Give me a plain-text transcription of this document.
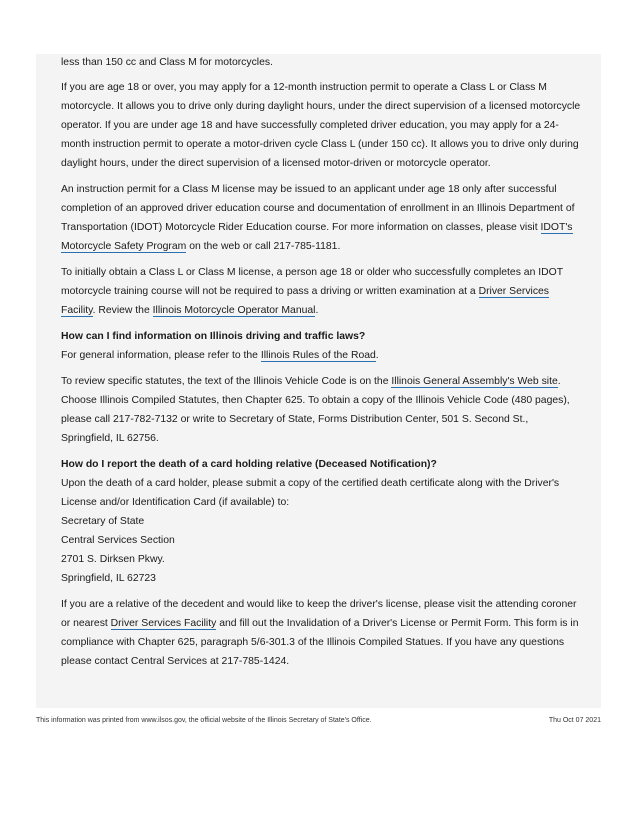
less than 150 cc and Class M for motorcycles.

If you are age 18 or over, you may apply for a 12-month instruction permit to operate a Class L or Class M motorcycle. It allows you to drive only during daylight hours, under the direct supervision of a licensed motorcycle operator. If you are under age 18 and have successfully completed driver education, you may apply for a 24-month instruction permit to operate a motor-driven cycle Class L (under 150 cc). It allows you to drive only during daylight hours, under the direct supervision of a licensed motor-driven or motorcycle operator.

An instruction permit for a Class M license may be issued to an applicant under age 18 only after successful completion of an approved driver education course and documentation of enrollment in an Illinois Department of Transportation (IDOT) Motorcycle Rider Education course. For more information on classes, please visit IDOT's Motorcycle Safety Program on the web or call 217-785-1181.

To initially obtain a Class L or Class M license, a person age 18 or older who successfully completes an IDOT motorcycle training course will not be required to pass a driving or written examination at a Driver Services Facility. Review the Illinois Motorcycle Operator Manual.

How can I find information on Illinois driving and traffic laws?

For general information, please refer to the Illinois Rules of the Road.

To review specific statutes, the text of the Illinois Vehicle Code is on the Illinois General Assembly's Web site. Choose Illinois Compiled Statutes, then Chapter 625. To obtain a copy of the Illinois Vehicle Code (480 pages), please call 217-782-7132 or write to Secretary of State, Forms Distribution Center, 501 S. Second St., Springfield, IL 62756.

How do I report the death of a card holding relative (Deceased Notification)?

Upon the death of a card holder, please submit a copy of the certified death certificate along with the Driver's License and/or Identification Card (if available) to:

Secretary of State

Central Services Section

2701 S. Dirksen Pkwy.

Springfield, IL 62723

If you are a relative of the decedent and would like to keep the driver's license, please visit the attending coroner or nearest Driver Services Facility and fill out the Invalidation of a Driver's License or Permit Form. This form is in compliance with Chapter 625, paragraph 5/6-301.3 of the Illinois Compiled Statues. If you have any questions please contact Central Services at 217-785-1424.

This information was printed from www.ilsos.gov, the official website of the Illinois Secretary of State's Office.	Thu Oct 07 2021
